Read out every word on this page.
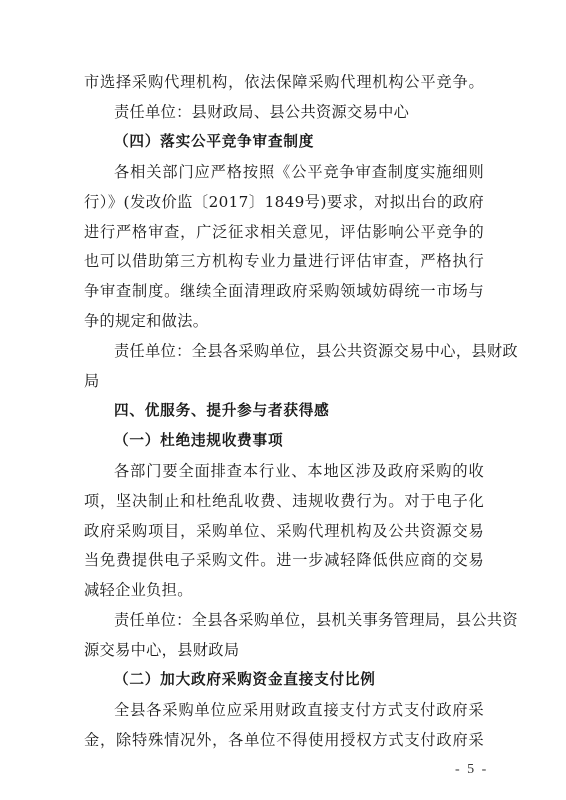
市选择采购代理机构，依法保障采购代理机构公平竞争。
责任单位：县财政局、县公共资源交易中心
（四）落实公平竞争审查制度
各相关部门应严格按照《公平竞争审查制度实施细则
行）》(发改价监〔2017〕1849号)要求，对拟出台的政府
进行严格审查，广泛征求相关意见，评估影响公平竞争的
也可以借助第三方机构专业力量进行评估审查，严格执行
争审查制度。继续全面清理政府采购领域妨碍统一市场与
争的规定和做法。
责任单位：全县各采购单位，县公共资源交易中心，县财政
局
四、优服务、提升参与者获得感
（一）杜绝违规收费事项
各部门要全面排查本行业、本地区涉及政府采购的收
项，坚决制止和杜绝乱收费、违规收费行为。对于电子化
政府采购项目，采购单位、采购代理机构及公共资源交易
当免费提供电子采购文件。进一步减轻降低供应商的交易
减轻企业负担。
责任单位：全县各采购单位，县机关事务管理局，县公共资
源交易中心，县财政局
（二）加大政府采购资金直接支付比例
全县各采购单位应采用财政直接支付方式支付政府采
金，除特殊情况外，各单位不得使用授权方式支付政府采
- 5 -
